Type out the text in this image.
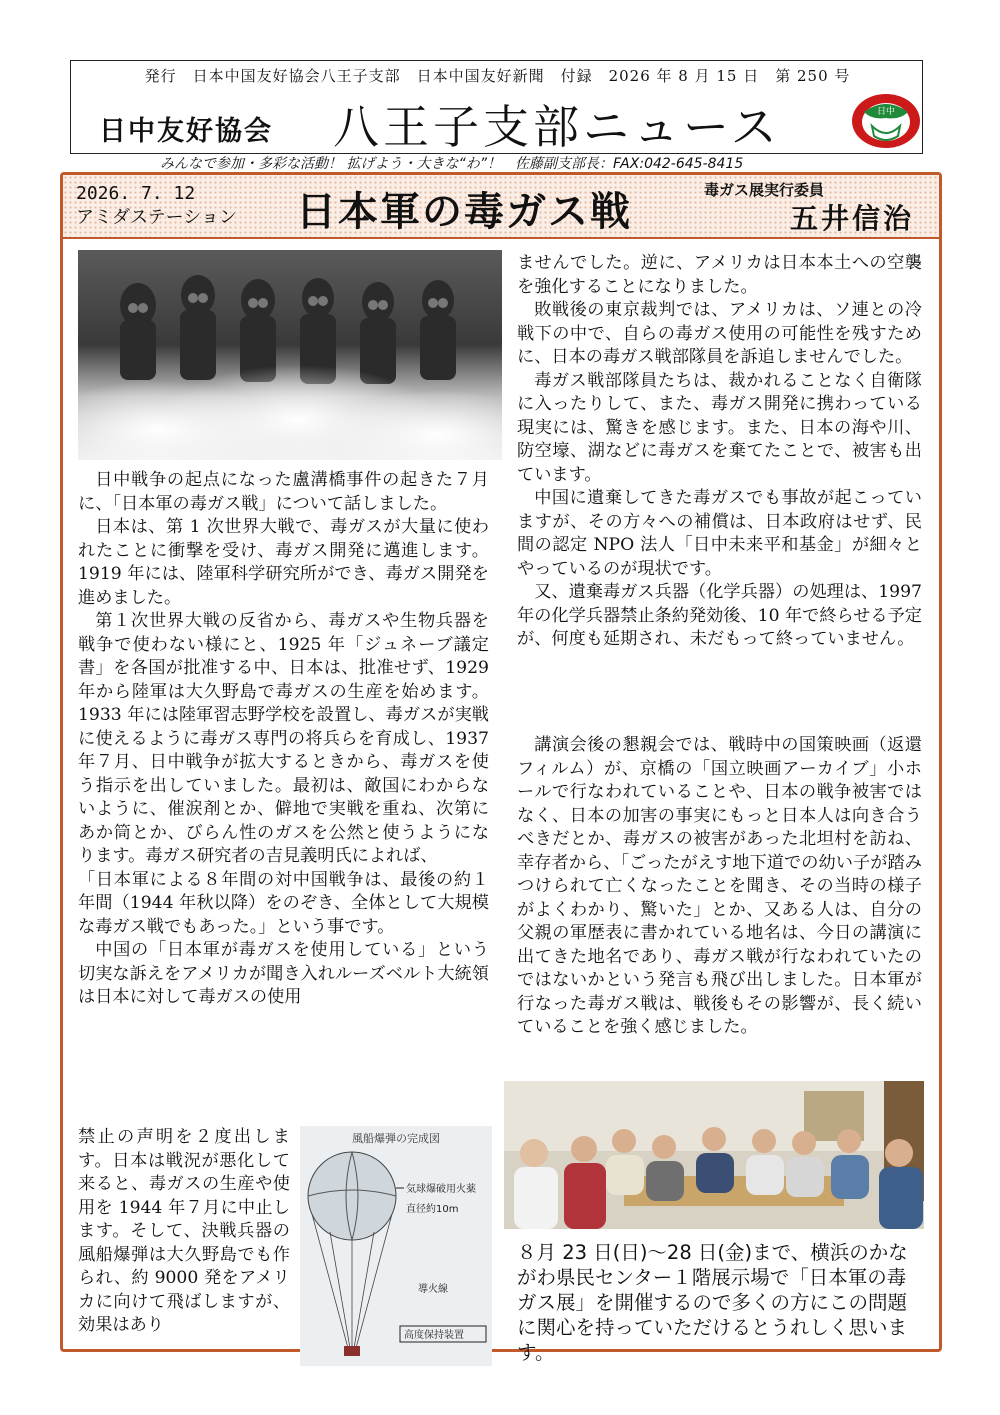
発行　日本中国友好協会八王子支部　日本中国友好新聞　付録　2026 年 8 月 15 日　第 250 号
日中友好協会 八王子支部ニュース	日中
みんなで参加・多彩な活動！ 拡げよう・大きな“わ”！　佐藤副支部長：FAX:042-645-8415
2026. 7. 12
アミダステーション 日本軍の毒ガス戦	毒ガス展実行委員
五井信治

日中戦争の起点になった盧溝橋事件の起きた７月に、「日本軍の毒ガス戦」について話しました。

日本は、第 1 次世界大戦で、毒ガスが大量に使われたことに衝撃を受け、毒ガス開発に邁進します。1919 年には、陸軍科学研究所ができ、毒ガス開発を進めました。

第１次世界大戦の反省から、毒ガスや生物兵器を戦争で使わない様にと、1925 年「ジュネーブ議定書」を各国が批准する中、日本は、批准せず、1929 年から陸軍は大久野島で毒ガスの生産を始めます。1933 年には陸軍習志野学校を設置し、毒ガスが実戦に使えるように毒ガス専門の将兵らを育成し、1937 年７月、日中戦争が拡大するときから、毒ガスを使う指示を出していました。最初は、敵国にわからないように、催涙剤とか、僻地で実戦を重ね、次第にあか筒とか、びらん性のガスを公然と使うようになります。毒ガス研究者の吉見義明氏によれば、

「日本軍による８年間の対中国戦争は、最後の約１年間（1944 年秋以降）をのぞき、全体として大規模な毒ガス戦でもあった。」という事です。

中国の「日本軍が毒ガスを使用している」という切実な訴えをアメリカが聞き入れルーズベルト大統領は日本に対して毒ガスの使用

禁止の声明を２度出します。日本は戦況が悪化して来ると、毒ガスの生産や使用を 1944 年７月に中止します。そして、決戦兵器の風船爆弾は大久野島でも作られ、約 9000 発をアメリカに向けて飛ばしますが、効果はあり

風船爆弾の完成図
気球爆破用火薬
直径約10m
導火線
高度保持装置

ませんでした。逆に、アメリカは日本本土への空襲を強化することになりました。

敗戦後の東京裁判では、アメリカは、ソ連との冷戦下の中で、自らの毒ガス使用の可能性を残すために、日本の毒ガス戦部隊員を訴追しませんでした。

毒ガス戦部隊員たちは、裁かれることなく自衛隊に入ったりして、また、毒ガス開発に携わっている現実には、驚きを感じます。また、日本の海や川、防空壕、湖などに毒ガスを棄てたことで、被害も出ています。

中国に遺棄してきた毒ガスでも事故が起こっていますが、その方々への補償は、日本政府はせず、民間の認定 NPO 法人「日中未来平和基金」が細々とやっているのが現状です。

又、遺棄毒ガス兵器（化学兵器）の処理は、1997 年の化学兵器禁止条約発効後、10 年で終らせる予定が、何度も延期され、未だもって終っていません。

講演会後の懇親会では、戦時中の国策映画（返還フィルム）が、京橋の「国立映画アーカイブ」小ホールで行なわれていることや、日本の戦争被害ではなく、日本の加害の事実にもっと日本人は向き合うべきだとか、毒ガスの被害があった北坦村を訪ね、幸存者から、「ごったがえす地下道での幼い子が踏みつけられて亡くなったことを聞き、その当時の様子がよくわかり、驚いた」とか、又ある人は、自分の父親の軍歴表に書かれている地名は、今日の講演に出てきた地名であり、毒ガス戦が行なわれていたのではないかという発言も飛び出しました。日本軍が行なった毒ガス戦は、戦後もその影響が、長く続いていることを強く感じました。

８月 23 日(日)～28 日(金)まで、横浜のかながわ県民センター１階展示場で「日本軍の毒ガス展」を開催するので多くの方にこの問題に関心を持っていただけるとうれしく思います。
